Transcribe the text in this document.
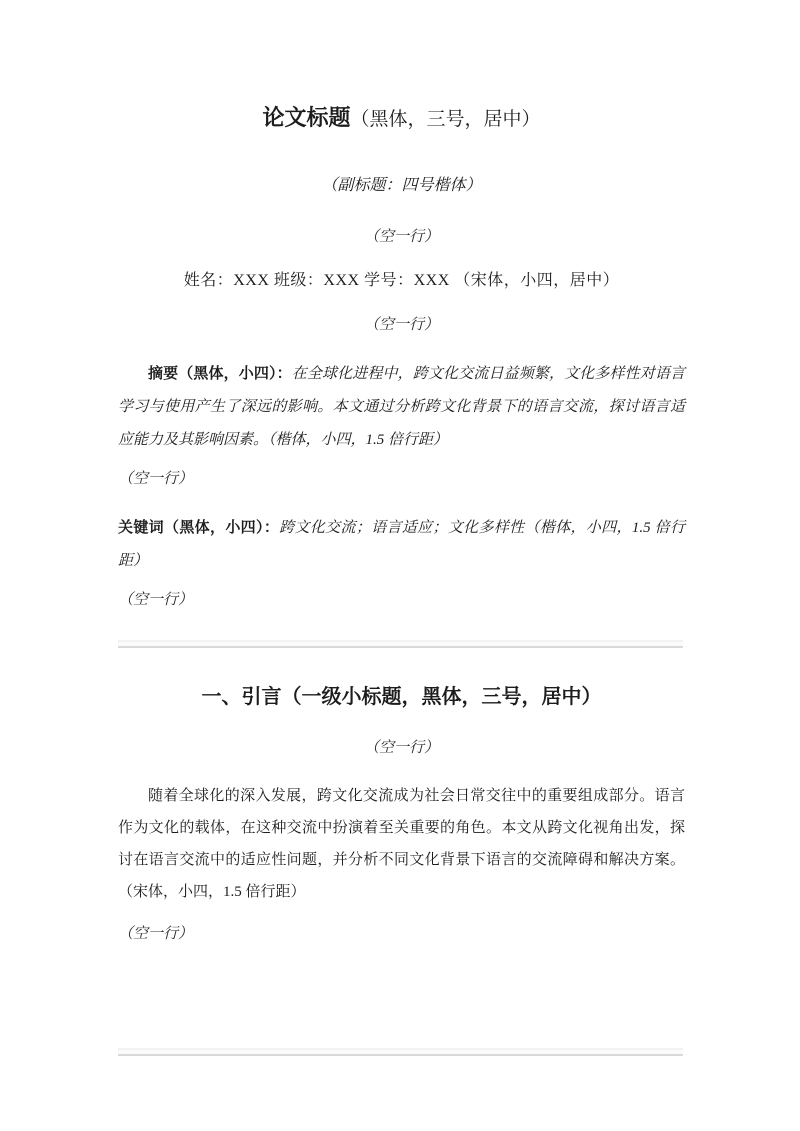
论文标题（黑体，三号，居中）
（副标题：四号楷体）
（空一行）
姓名：XXX 班级：XXX 学号：XXX （宋体，小四，居中）
（空一行）

摘要（黑体，小四）：在全球化进程中，跨文化交流日益频繁，文化多样性对语言学习与使用产生了深远的影响。本文通过分析跨文化背景下的语言交流，探讨语言适应能力及其影响因素。（楷体，小四，1.5 倍行距）

（空一行）

关键词（黑体，小四）：跨文化交流；语言适应；文化多样性（楷体，小四，1.5 倍行距）

（空一行）
一、引言（一级小标题，黑体，三号，居中）
（空一行）

随着全球化的深入发展，跨文化交流成为社会日常交往中的重要组成部分。语言作为文化的载体，在这种交流中扮演着至关重要的角色。本文从跨文化视角出发，探讨在语言交流中的适应性问题，并分析不同文化背景下语言的交流障碍和解决方案。（宋体，小四，1.5 倍行距）

（空一行）
